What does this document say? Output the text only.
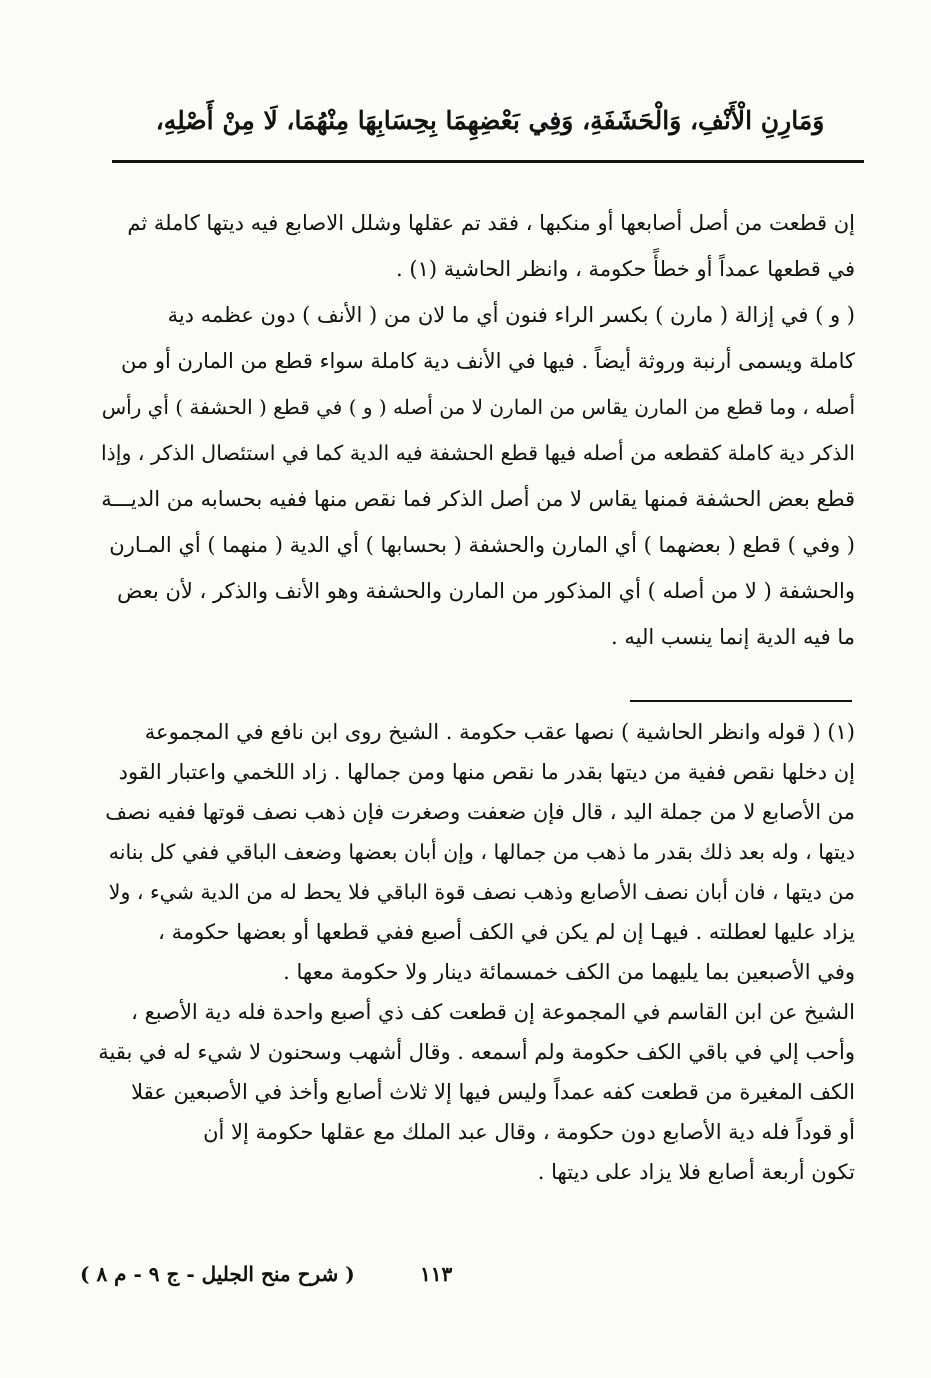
وَمَارِنِ الْأَنْفِ، وَالْحَشَفَةِ، وَفِي بَعْضِهِمَا بِحِسَابِهَا مِنْهُمَا، لَا مِنْ أَصْلِهِ،

إن قطعت من أصل أصابعها أو منكبها ، فقد تم عقلها وشلل الاصابع فيه ديتها كاملة ثم

في قطعها عمداً أو خطأً حكومة ، وانظر الحاشية (١) .

( و ) في إزالة ( مارن ) بكسر الراء فنون أي ما لان من ( الأنف ) دون عظمه دية

كاملة ويسمى أرنبة وروثة أيضاً . فيها في الأنف دية كاملة سواء قطع من المارن أو من

أصله ، وما قطع من المارن يقاس من المارن لا من أصله ( و ) في قطع ( الحشفة ) أي رأس

الذكر دية كاملة كقطعه من أصله فيها قطع الحشفة فيه الدية كما في استئصال الذكر ، وإذا

قطع بعض الحشفة فمنها يقاس لا من أصل الذكر فما نقص منها ففيه بحسابه من الديـــة

( وفي ) قطع ( بعضهما ) أي المارن والحشفة ( بحسابها ) أي الدية ( منهما ) أي المـارن

والحشفة ( لا من أصله ) أي المذكور من المارن والحشفة وهو الأنف والذكر ، لأن بعض

ما فيه الدية إنما ينسب اليه .

(١) ( قوله وانظر الحاشية ) نصها عقب حكومة . الشيخ روى ابن نافع في المجموعة

إن دخلها نقص ففية من ديتها بقدر ما نقص منها ومن جمالها . زاد اللخمي واعتبار القود

من الأصابع لا من جملة اليد ، قال فإن ضعفت وصغرت فإن ذهب نصف قوتها ففيه نصف

ديتها ، وله بعد ذلك بقدر ما ذهب من جمالها ، وإن أبان بعضها وضعف الباقي ففي كل بنانه

من ديتها ، فان أبان نصف الأصابع وذهب نصف قوة الباقي فلا يحط له من الدية شيء ، ولا

يزاد عليها لعطلته . فيهـا إن لم يكن في الكف أصبع ففي قطعها أو بعضها حكومة ،

وفي الأصبعين بما يليهما من الكف خمسمائة دينار ولا حكومة معها .

الشيخ عن ابن القاسم في المجموعة إن قطعت كف ذي أصبع واحدة فله دية الأصبع ،

وأحب إلي في باقي الكف حكومة ولم أسمعه . وقال أشهب وسحنون لا شيء له في بقية

الكف المغيرة من قطعت كفه عمداً وليس فيها إلا ثلاث أصابع وأخذ في الأصبعين عقلا

أو قوداً فله دية الأصابع دون حكومة ، وقال عبد الملك مع عقلها حكومة إلا أن

تكون أربعة أصابع فلا يزاد على ديتها .

١١٣
( شرح منح الجليل - ج ٩ - م ٨ )
